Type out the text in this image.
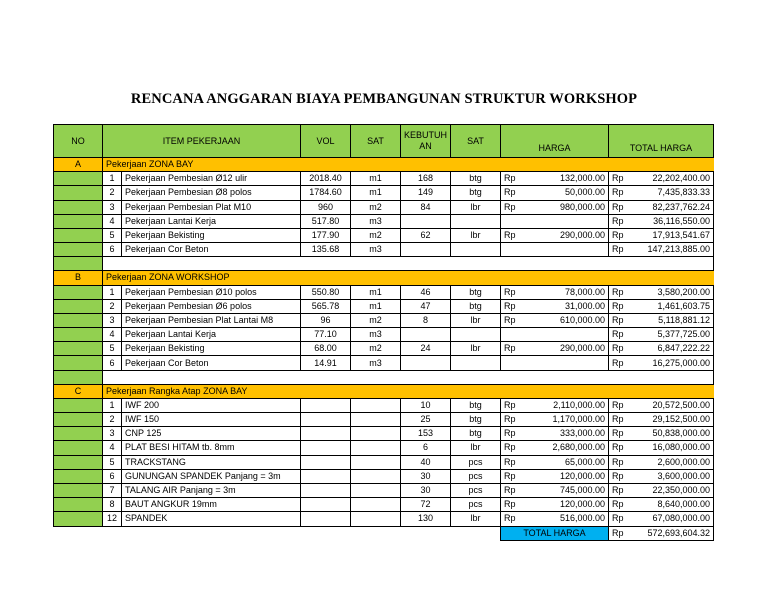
RENCANA ANGGARAN BIAYA PEMBANGUNAN STRUKTUR WORKSHOP
NO	ITEM PEKERJAAN		VOL	SAT	KEBUTUH
AN	SAT	HARGA		TOTAL HARGA	
A	Pekerjaan ZONA BAY									
	1	Pekerjaan Pembesian Ø12 ulir	2018.40	m1	168	btg	Rp	132,000.00	Rp	22,202,400.00
	2	Pekerjaan Pembesian Ø8 polos	1784.60	m1	149	btg	Rp	50,000.00	Rp	7,435,833.33
	3	Pekerjaan Pembesian Plat M10	960	m2	84	lbr	Rp	980,000.00	Rp	82,237,762.24
	4	Pekerjaan Lantai Kerja	517.80	m3					Rp	36,116,550.00
	5	Pekerjaan Bekisting	177.90	m2	62	lbr	Rp	290,000.00	Rp	17,913,541.67
	6	Pekerjaan Cor Beton	135.68	m3					Rp	147,213,885.00

B	Pekerjaan ZONA WORKSHOP									
	1	Pekerjaan Pembesian Ø10 polos	550.80	m1	46	btg	Rp	78,000.00	Rp	3,580,200.00
	2	Pekerjaan Pembesian Ø6 polos	565.78	m1	47	btg	Rp	31,000.00	Rp	1,461,603.75
	3	Pekerjaan Pembesian Plat Lantai M8	96	m2	8	lbr	Rp	610,000.00	Rp	5,118,881.12
	4	Pekerjaan Lantai Kerja	77.10	m3					Rp	5,377,725.00
	5	Pekerjaan Bekisting	68.00	m2	24	lbr	Rp	290,000.00	Rp	6,847,222.22
	6	Pekerjaan Cor Beton	14.91	m3					Rp	16,275,000.00

C	Pekerjaan Rangka Atap ZONA BAY									
	1	IWF 200			10	btg	Rp	2,110,000.00	Rp	20,572,500.00
	2	IWF 150			25	btg	Rp	1,170,000.00	Rp	29,152,500.00
	3	CNP 125			153	btg	Rp	333,000.00	Rp	50,838,000.00
	4	PLAT BESI HITAM tb. 8mm			6	lbr	Rp	2,680,000.00	Rp	16,080,000.00
	5	TRACKSTANG			40	pcs	Rp	65,000.00	Rp	2,600,000.00
	6	GUNUNGAN SPANDEK Panjang = 3m			30	pcs	Rp	120,000.00	Rp	3,600,000.00
	7	TALANG AIR Panjang = 3m			30	pcs	Rp	745,000.00	Rp	22,350,000.00
	8	BAUT ANGKUR 19mm			72	pcs	Rp	120,000.00	Rp	8,640,000.00
	12	SPANDEK			130	lbr	Rp	516,000.00	Rp	67,080,000.00
							TOTAL HARGA		Rp	572,693,604.32
